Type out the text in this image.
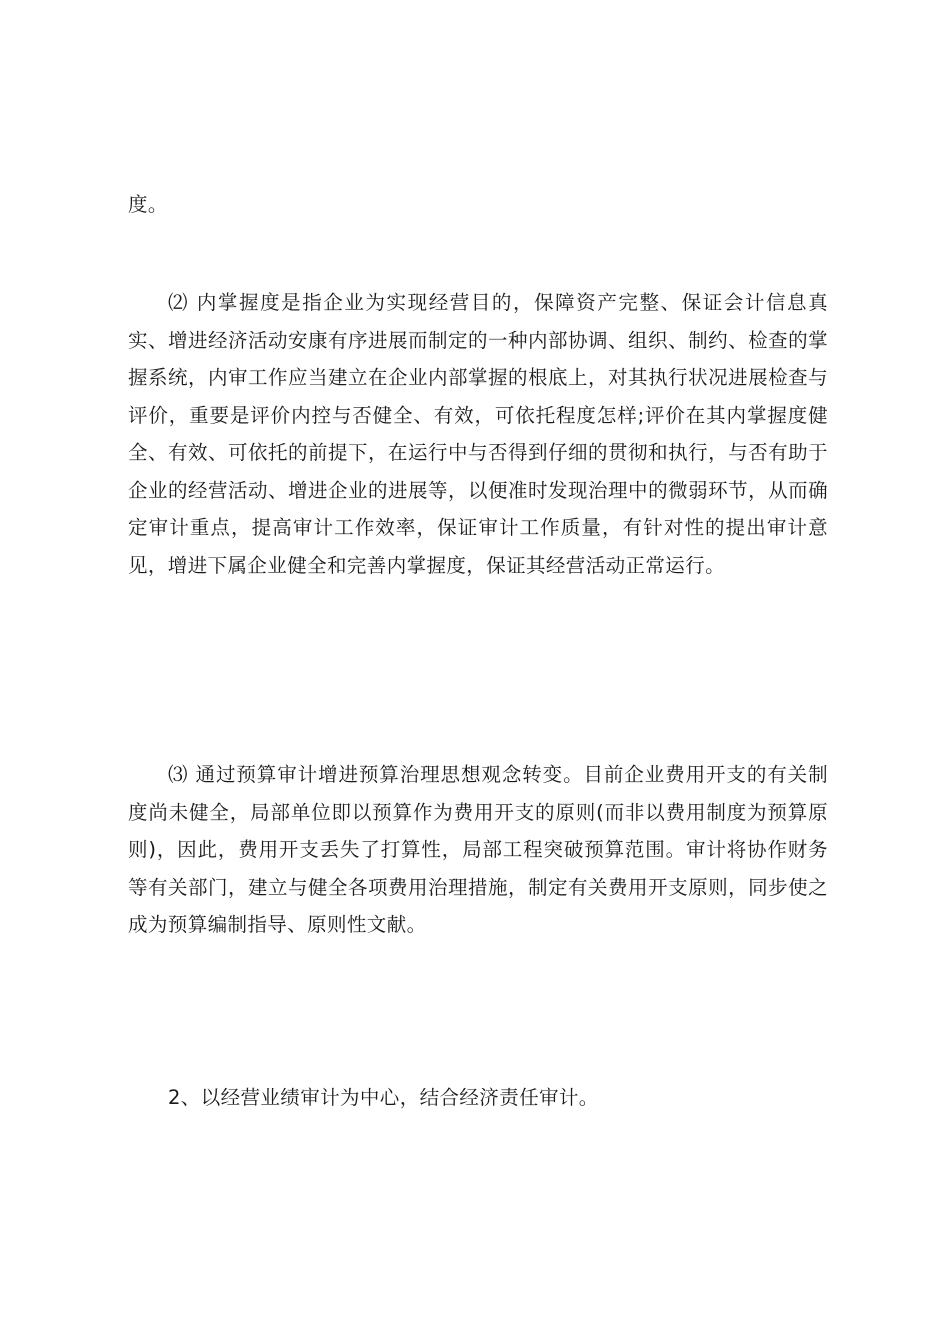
度。

⑵ 内掌握度是指企业为实现经营目的，保障资产完整、保证会计信息真实、增进经济活动安康有序进展而制定的一种内部协调、组织、制约、检查的掌握系统，内审工作应当建立在企业内部掌握的根底上，对其执行状况进展检查与评价，重要是评价内控与否健全、有效，可依托程度怎样;评价在其内掌握度健全、有效、可依托的前提下，在运行中与否得到仔细的贯彻和执行，与否有助于企业的经营活动、增进企业的进展等，以便准时发现治理中的微弱环节，从而确定审计重点，提高审计工作效率，保证审计工作质量，有针对性的提出审计意见，增进下属企业健全和完善内掌握度，保证其经营活动正常运行。

⑶ 通过预算审计增进预算治理思想观念转变。目前企业费用开支的有关制度尚未健全，局部单位即以预算作为费用开支的原则(而非以费用制度为预算原则)，因此，费用开支丢失了打算性，局部工程突破预算范围。审计将协作财务等有关部门，建立与健全各项费用治理措施，制定有关费用开支原则，同步使之成为预算编制指导、原则性文献。

2、以经营业绩审计为中心，结合经济责任审计。
